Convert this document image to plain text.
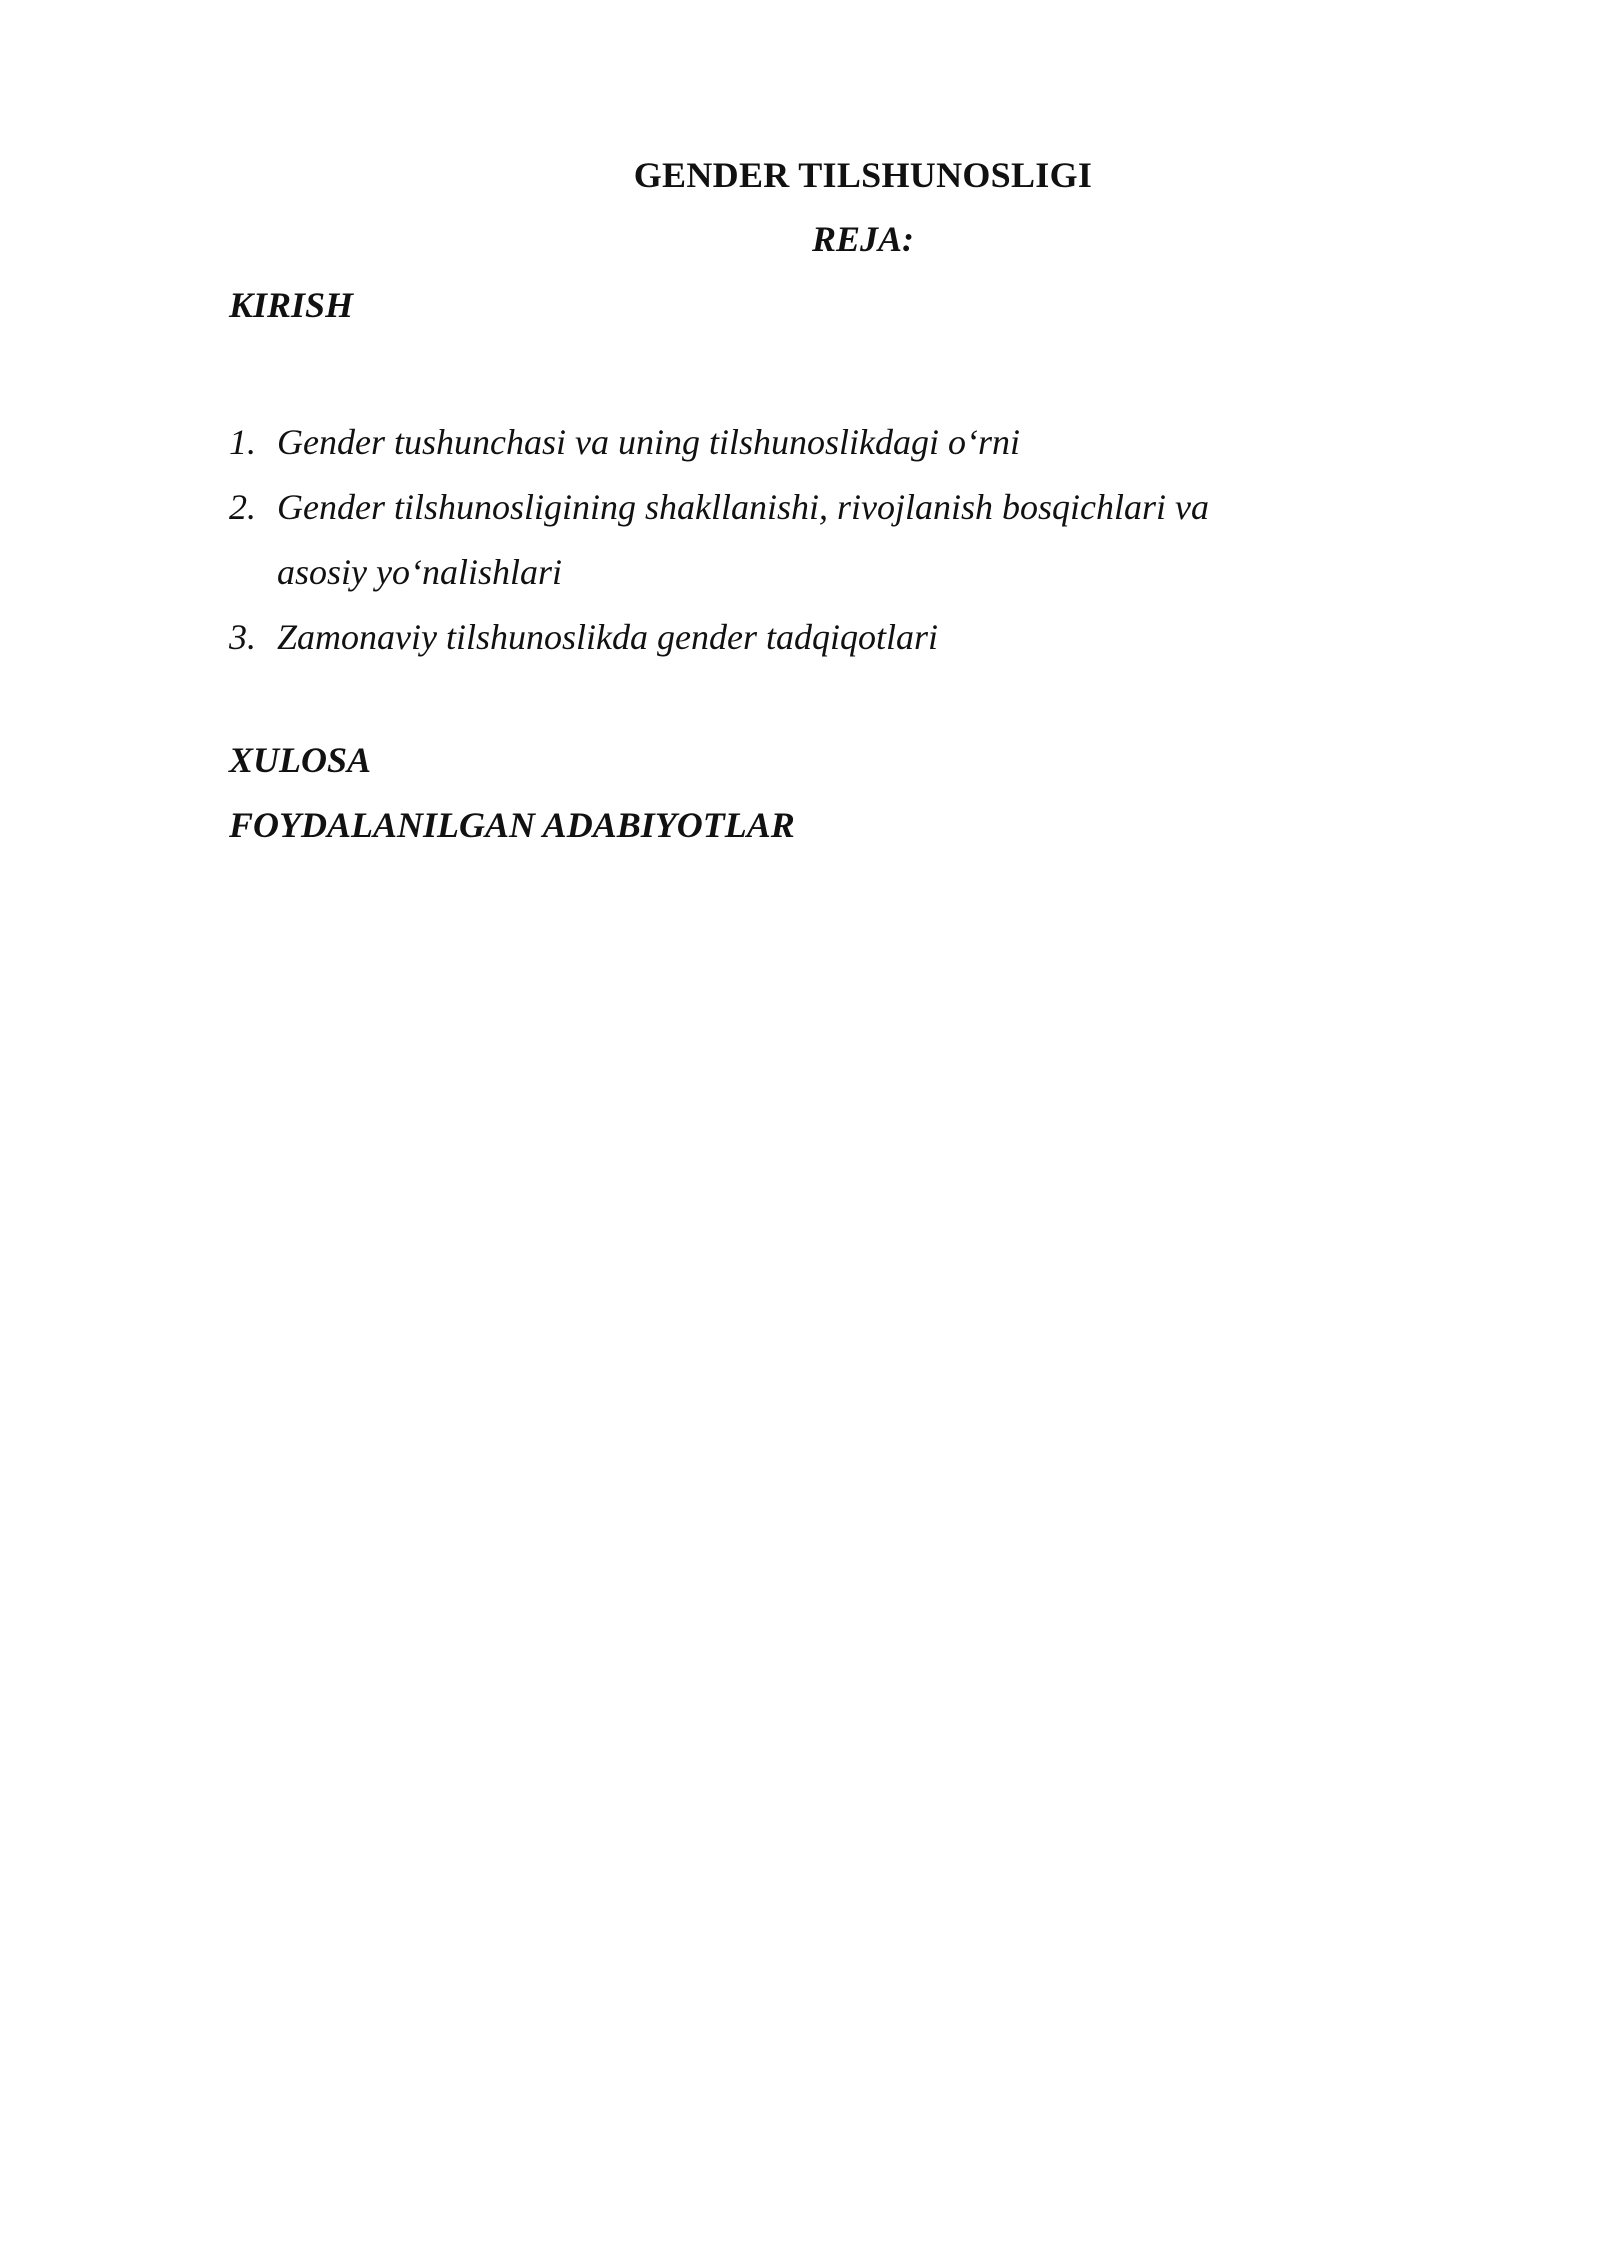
GENDER TILSHUNOSLIGI
REJA:
KIRISH
1. Gender tushunchasi va uning tilshunoslikdagi o‘rni
2. Gender tilshunosligining shakllanishi, rivojlanish bosqichlari va asosiy yo‘nalishlari
3. Zamonaviy tilshunoslikda gender tadqiqotlari
XULOSA
FOYDALANILGAN ADABIYOTLAR
